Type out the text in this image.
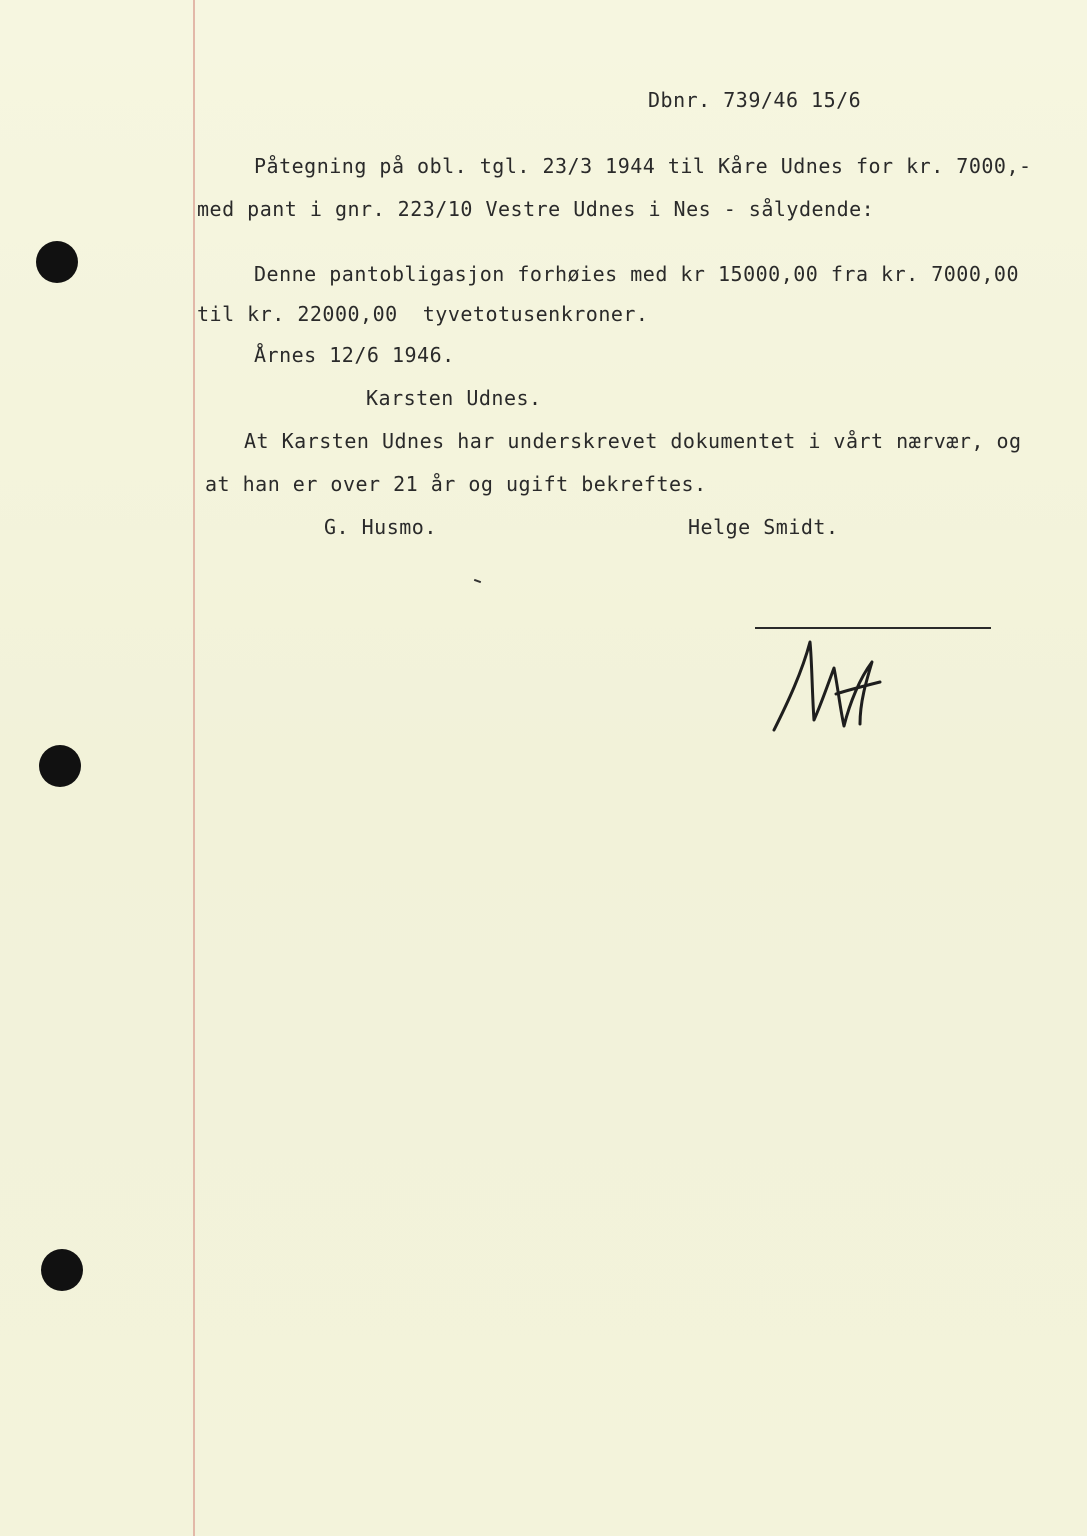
Dbnr. 739/46 15/6
Påtegning på obl. tgl. 23/3 1944 til Kåre Udnes for kr. 7000,-
med pant i gnr. 223/10 Vestre Udnes i Nes - sålydende:
Denne pantobligasjon forhøies med kr 15000,00 fra kr. 7000,00
til kr. 22000,00  tyvetotusenkroner.
Årnes 12/6 1946.
Karsten Udnes.
At Karsten Udnes har underskrevet dokumentet i vårt nærvær, og
at han er over 21 år og ugift bekreftes.
G. Husmo.	Helge Smidt.
